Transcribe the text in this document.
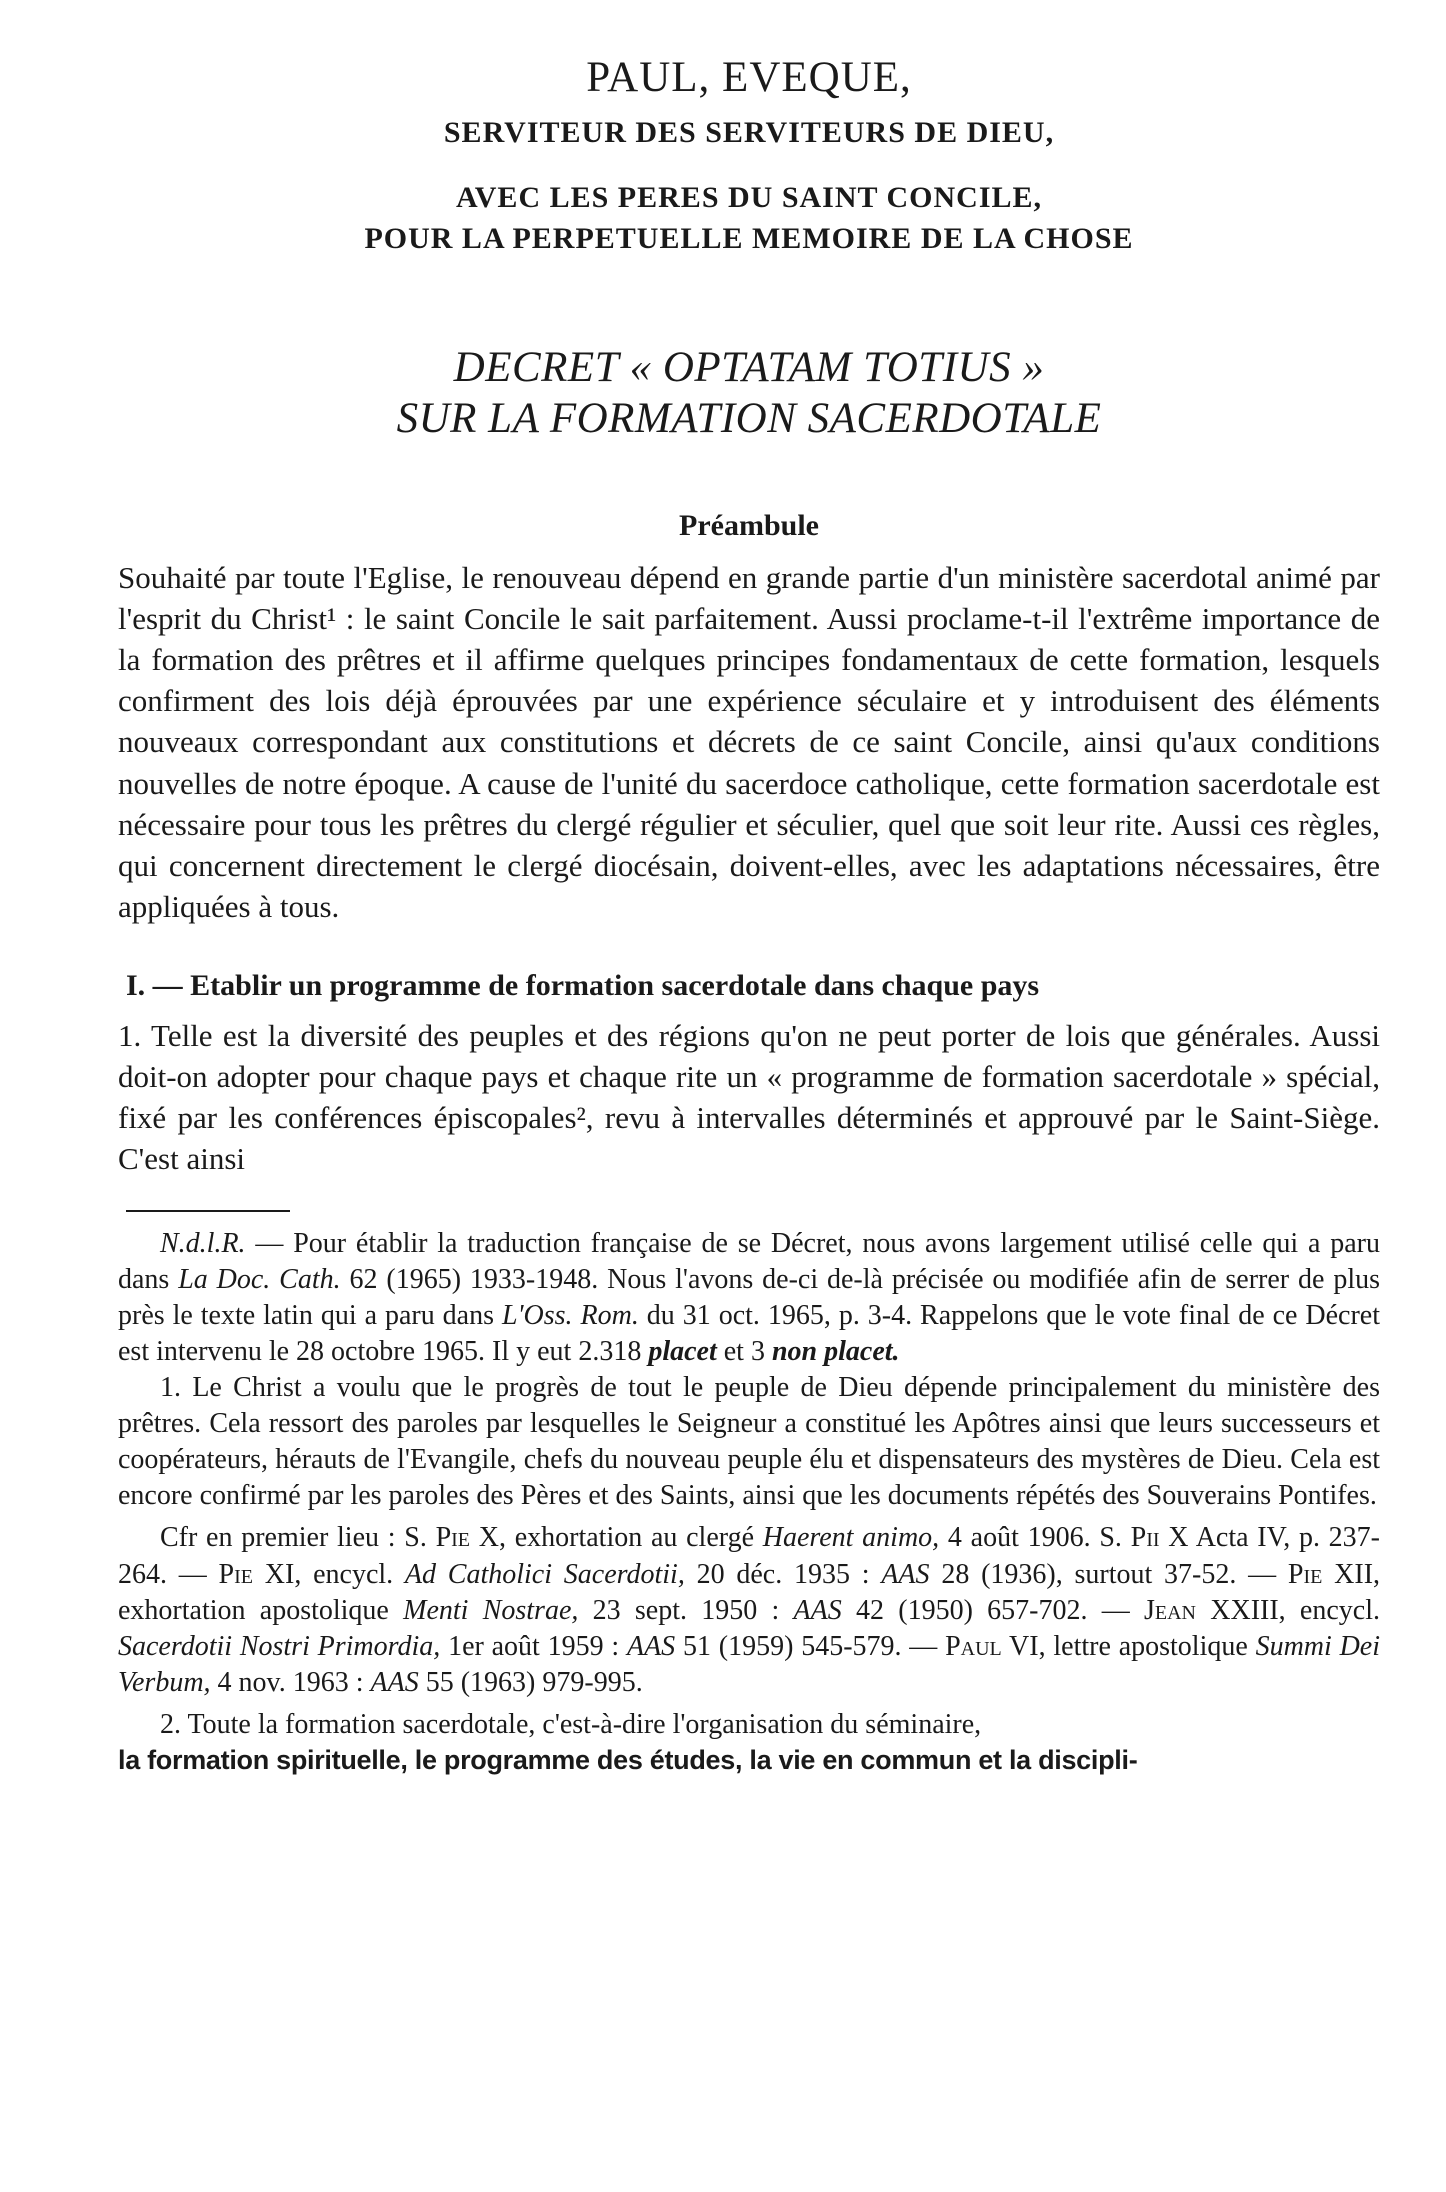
PAUL, EVEQUE,

SERVITEUR DES SERVITEURS DE DIEU,

AVEC LES PERES DU SAINT CONCILE,

POUR LA PERPETUELLE MEMOIRE DE LA CHOSE

DECRET « OPTATAM TOTIUS »

SUR LA FORMATION SACERDOTALE

Préambule

Souhaité par toute l'Eglise, le renouveau dépend en grande partie d'un ministère sacerdotal animé par l'esprit du Christ¹ : le saint Concile le sait parfaitement. Aussi proclame-t-il l'extrême importance de la formation des prêtres et il affirme quelques principes fondamentaux de cette formation, lesquels confirment des lois déjà éprouvées par une expérience séculaire et y introduisent des éléments nouveaux correspondant aux constitutions et décrets de ce saint Concile, ainsi qu'aux conditions nouvelles de notre époque. A cause de l'unité du sacerdoce catholique, cette formation sacerdotale est nécessaire pour tous les prêtres du clergé régulier et séculier, quel que soit leur rite. Aussi ces règles, qui concernent directement le clergé diocésain, doivent-elles, avec les adaptations nécessaires, être appliquées à tous.

I. — Etablir un programme de formation sacerdotale dans chaque pays

1. Telle est la diversité des peuples et des régions qu'on ne peut porter de lois que générales. Aussi doit-on adopter pour chaque pays et chaque rite un « programme de formation sacerdotale » spécial, fixé par les conférences épiscopales², revu à intervalles déterminés et approuvé par le Saint-Siège. C'est ainsi

N.d.l.R. — Pour établir la traduction française de se Décret, nous avons largement utilisé celle qui a paru dans La Doc. Cath. 62 (1965) 1933-1948. Nous l'avons de-ci de-là précisée ou modifiée afin de serrer de plus près le texte latin qui a paru dans L'Oss. Rom. du 31 oct. 1965, p. 3-4. Rappelons que le vote final de ce Décret est intervenu le 28 octobre 1965. Il y eut 2.318 placet et 3 non placet.

1. Le Christ a voulu que le progrès de tout le peuple de Dieu dépende principalement du ministère des prêtres. Cela ressort des paroles par lesquelles le Seigneur a constitué les Apôtres ainsi que leurs successeurs et coopérateurs, hérauts de l'Evangile, chefs du nouveau peuple élu et dispensateurs des mystères de Dieu. Cela est encore confirmé par les paroles des Pères et des Saints, ainsi que les documents répétés des Souverains Pontifes.

Cfr en premier lieu : S. Pie X, exhortation au clergé Haerent animo, 4 août 1906. S. Pii X Acta IV, p. 237-264. — Pie XI, encycl. Ad Catholici Sacerdotii, 20 déc. 1935 : AAS 28 (1936), surtout 37-52. — Pie XII, exhortation apostolique Menti Nostrae, 23 sept. 1950 : AAS 42 (1950) 657-702. — Jean XXIII, encycl. Sacerdotii Nostri Primordia, 1er août 1959 : AAS 51 (1959) 545-579. — Paul VI, lettre apostolique Summi Dei Verbum, 4 nov. 1963 : AAS 55 (1963) 979-995.

2. Toute la formation sacerdotale, c'est-à-dire l'organisation du séminaire,

la formation spirituelle, le programme des études, la vie en commun et la discipli-
